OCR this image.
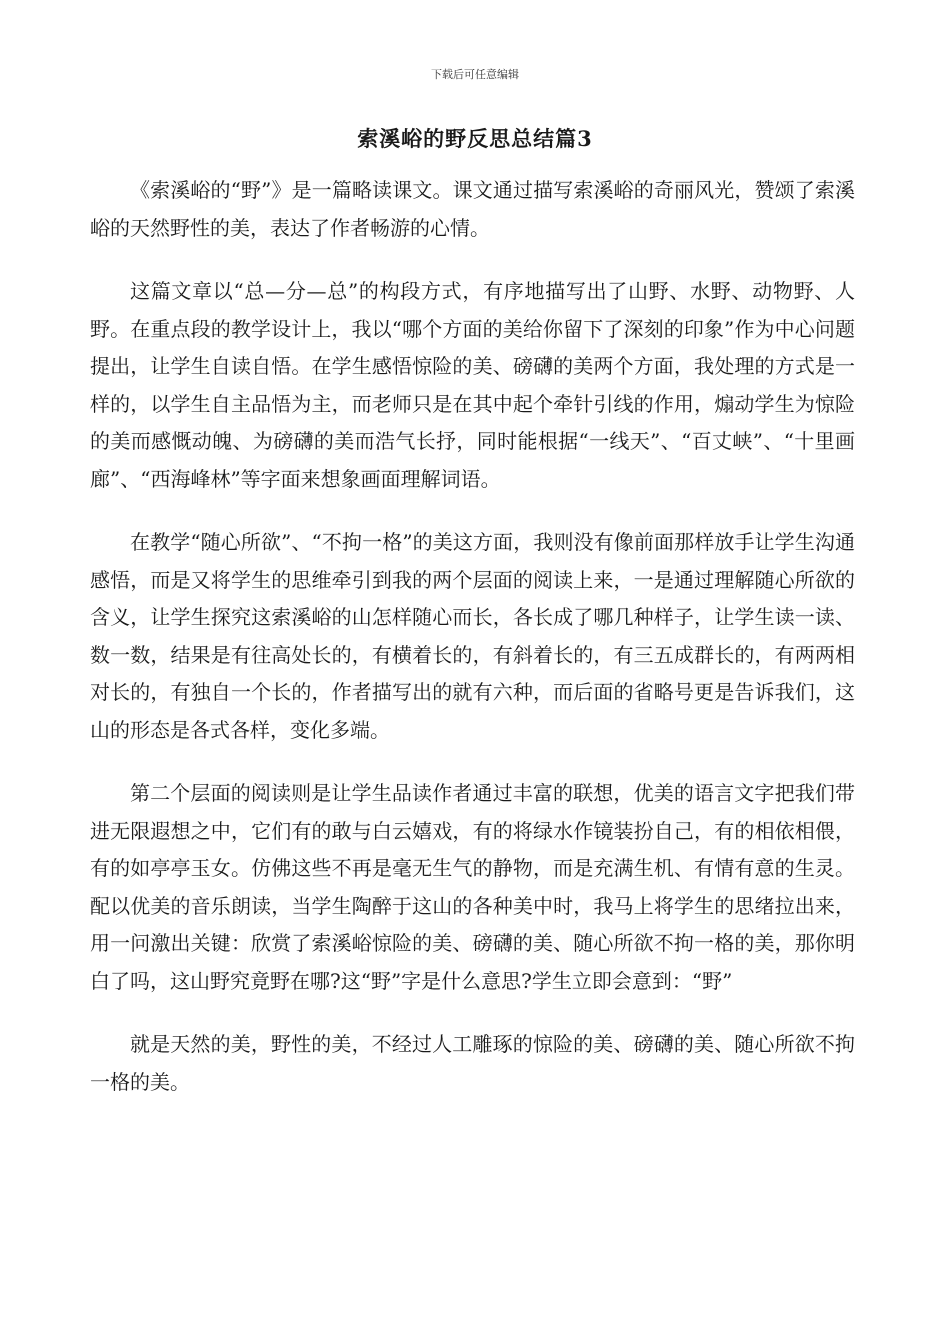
下载后可任意编辑
索溪峪的野反思总结篇3

《索溪峪的“野”》是一篇略读课文。课文通过描写索溪峪的奇丽风光，赞颂了索溪峪的天然野性的美，表达了作者畅游的心情。

这篇文章以“总—分—总”的构段方式，有序地描写出了山野、水野、动物野、人野。在重点段的教学设计上，我以“哪个方面的美给你留下了深刻的印象”作为中心问题提出，让学生自读自悟。在学生感悟惊险的美、磅礴的美两个方面，我处理的方式是一样的，以学生自主品悟为主，而老师只是在其中起个牵针引线的作用，煽动学生为惊险的美而感慨动魄、为磅礴的美而浩气长抒，同时能根据“一线天”、“百丈峡”、“十里画廊”、“西海峰林”等字面来想象画面理解词语。

在教学“随心所欲”、“不拘一格”的美这方面，我则没有像前面那样放手让学生沟通感悟，而是又将学生的思维牵引到我的两个层面的阅读上来，一是通过理解随心所欲的含义，让学生探究这索溪峪的山怎样随心而长，各长成了哪几种样子，让学生读一读、数一数，结果是有往高处长的，有横着长的，有斜着长的，有三五成群长的，有两两相对长的，有独自一个长的，作者描写出的就有六种，而后面的省略号更是告诉我们，这山的形态是各式各样，变化多端。

第二个层面的阅读则是让学生品读作者通过丰富的联想，优美的语言文字把我们带进无限遐想之中，它们有的敢与白云嬉戏，有的将绿水作镜装扮自己，有的相依相偎，有的如亭亭玉女。仿佛这些不再是毫无生气的静物，而是充满生机、有情有意的生灵。配以优美的音乐朗读，当学生陶醉于这山的各种美中时，我马上将学生的思绪拉出来，用一问激出关键：欣赏了索溪峪惊险的美、磅礴的美、随心所欲不拘一格的美，那你明白了吗，这山野究竟野在哪?这“野”字是什么意思?学生立即会意到：“野”

就是天然的美，野性的美，不经过人工雕琢的惊险的美、磅礴的美、随心所欲不拘一格的美。
